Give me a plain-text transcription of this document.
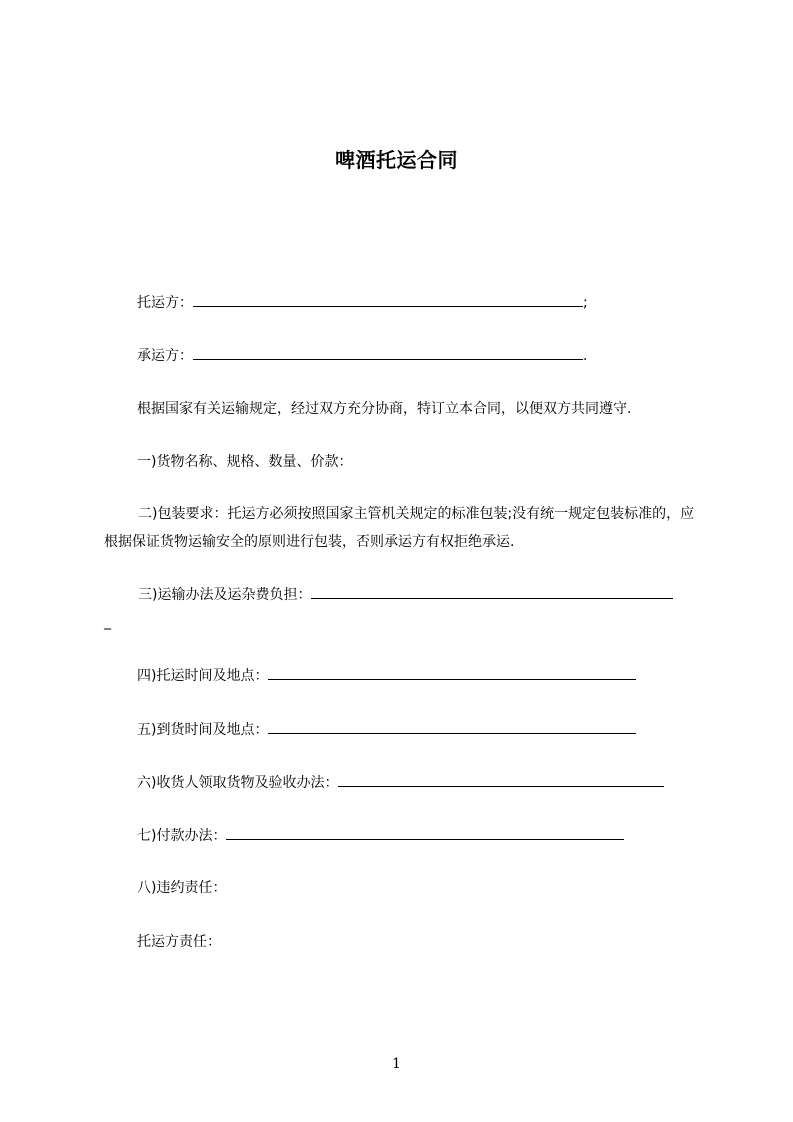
啤酒托运合同
托运方：	;
承运方：	.
根据国家有关运输规定，经过双方充分协商，特订立本合同，以便双方共同遵守.
一)货物名称、规格、数量、价款：
二)包装要求：托运方必须按照国家主管机关规定的标准包装;没有统一规定包装标准的，应根据保证货物运输安全的原则进行包装，否则承运方有权拒绝承运.
三)运输办法及运杂费负担：
_
四)托运时间及地点：
五)到货时间及地点：
六)收货人领取货物及验收办法：
七)付款办法：
八)违约责任：
托运方责任：
1
